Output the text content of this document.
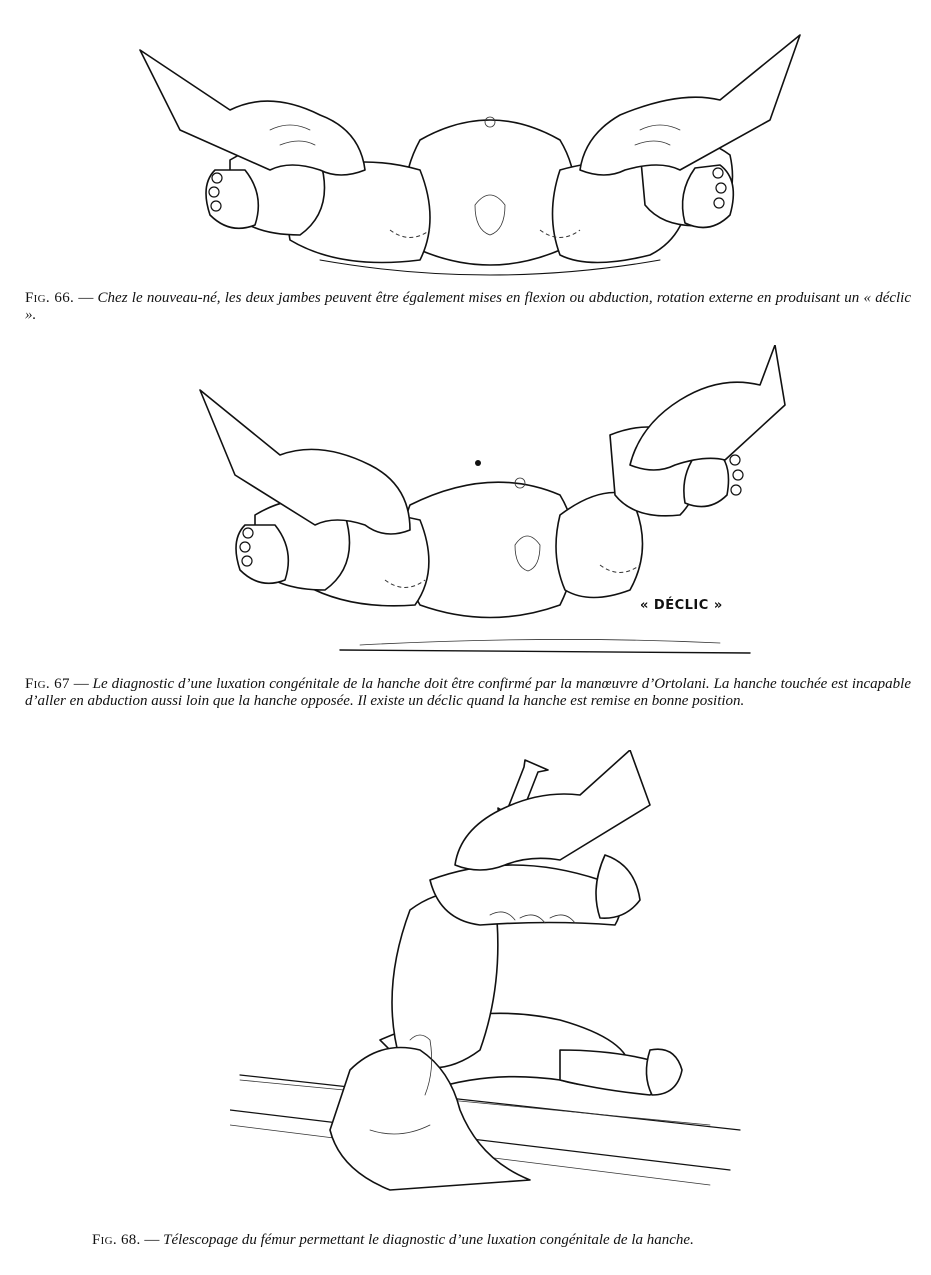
Fig. 66. — Chez le nouveau-né, les deux jambes peuvent être également mises en flexion ou abduction, rotation externe en produisant un « déclic ».
« DÉCLIC »
Fig. 67 — Le diagnostic d’une luxation congénitale de la hanche doit être confirmé par la manœuvre d’Ortolani. La hanche touchée est incapable d’aller en abduction aussi loin que la hanche opposée. Il existe un déclic quand la hanche est remise en bonne position.
Fig. 68. — Télescopage du fémur permettant le diagnostic d’une luxation congénitale de la hanche.
